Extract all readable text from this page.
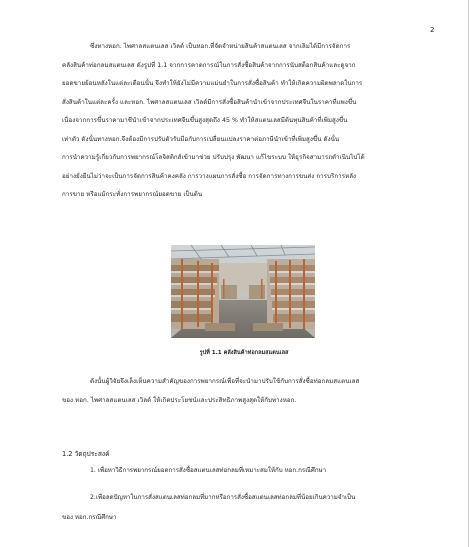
2
ซึ่งทางหอก. ไพศาลสแตนเลส เวิลด์ เป็นหอก.ที่จัดจำหน่ายสินค้าสแตนเลส จากเลิมได้มีการจัดการ
คลังสินค้าท่อกลมสแตนเลส ดังรูปที่ 1.1 จากการคาดการณ์ในการสั่งซื้อสินค้าจากการนับสต็อกสินค้าและดูจาก
ยอดขายย้อนหลังในแต่ละเดือนนั้น จึงทำให้ยังไม่มีความแม่นยำในการสั่งซื้อสินค้า ทำให้เกิดความผิดพลาดในการ
สั่งสินค้าในแต่ละครั้ง และหอก. ไพศาลสแตนเลส เวิลด์มีการสั่งซื้อสินค้านำเข้าจากประเทศจีนในราคาที่แพงขึ้น
เนื่องจากการขึ้นราคามาชีนำเข้าจากประเทศจีนขึ้นสูงสุดถึง 45 % ทำให้สแตนเลสมีต้นทุนสินค้าที่เพิ่มสูงขึ้น
เท่าตัว ดังนั้นทางหอก.จึงต้องมีการปรับตัวรับมือกับการเปลี่ยนแปลงราคาต่อภาษีนำเข้าที่เพิ่มสูงขึ้น ดังนั้น
การนำความรู้เกี่ยวกับการพยากรณ์โลจิสติกส์เข้ามาช่วย ปรับปรุง พัฒนา แก้ไขระบบ ให้ธุรกิจสามารถดำเนินไปได้
อย่างยั่งยืนไม่ว่าจะเป็นการจัดการสินค้าคงคลัง การวางแผนการสั่งซื้อ การจัดการทางการขนส่ง การบริการหลัง
การขาย หรือแม้กระทั่งการพยากรณ์ยอดขาย เป็นต้น
รูปที่ 1.1 คลังสินค้าท่อกลมสแตนเลส
ดังนั้นผู้วิจัยจึงเล็งเห็นความสำคัญของการพยากรณ์เพื่อที่จะนำมาปรับใช้กับการสั่งซื้อท่อกลมสแตนเลส
ของ หอก. ไพศาลสแตนเลส เวิลด์ ให้เกิดประโยชน์และประสิทธิภาพสูงสุดให้กับทางหอก.
1.2 วัตถุประสงค์
1. เพื่อหาวิธีการพยากรณ์ยอดการสั่งซื้อสแตนเลสท่อกลมที่เหมาะสมให้กับ หอก.กรณีศึกษา
2.เพื่อลดปัญหาในการสั่งสแตนเลสท่อกลมที่มากหรือการสั่งซื้อสแตนเลสท่อกลมที่น้อยเกินความจำเป็น
ของ หอก.กรณีศึกษา
